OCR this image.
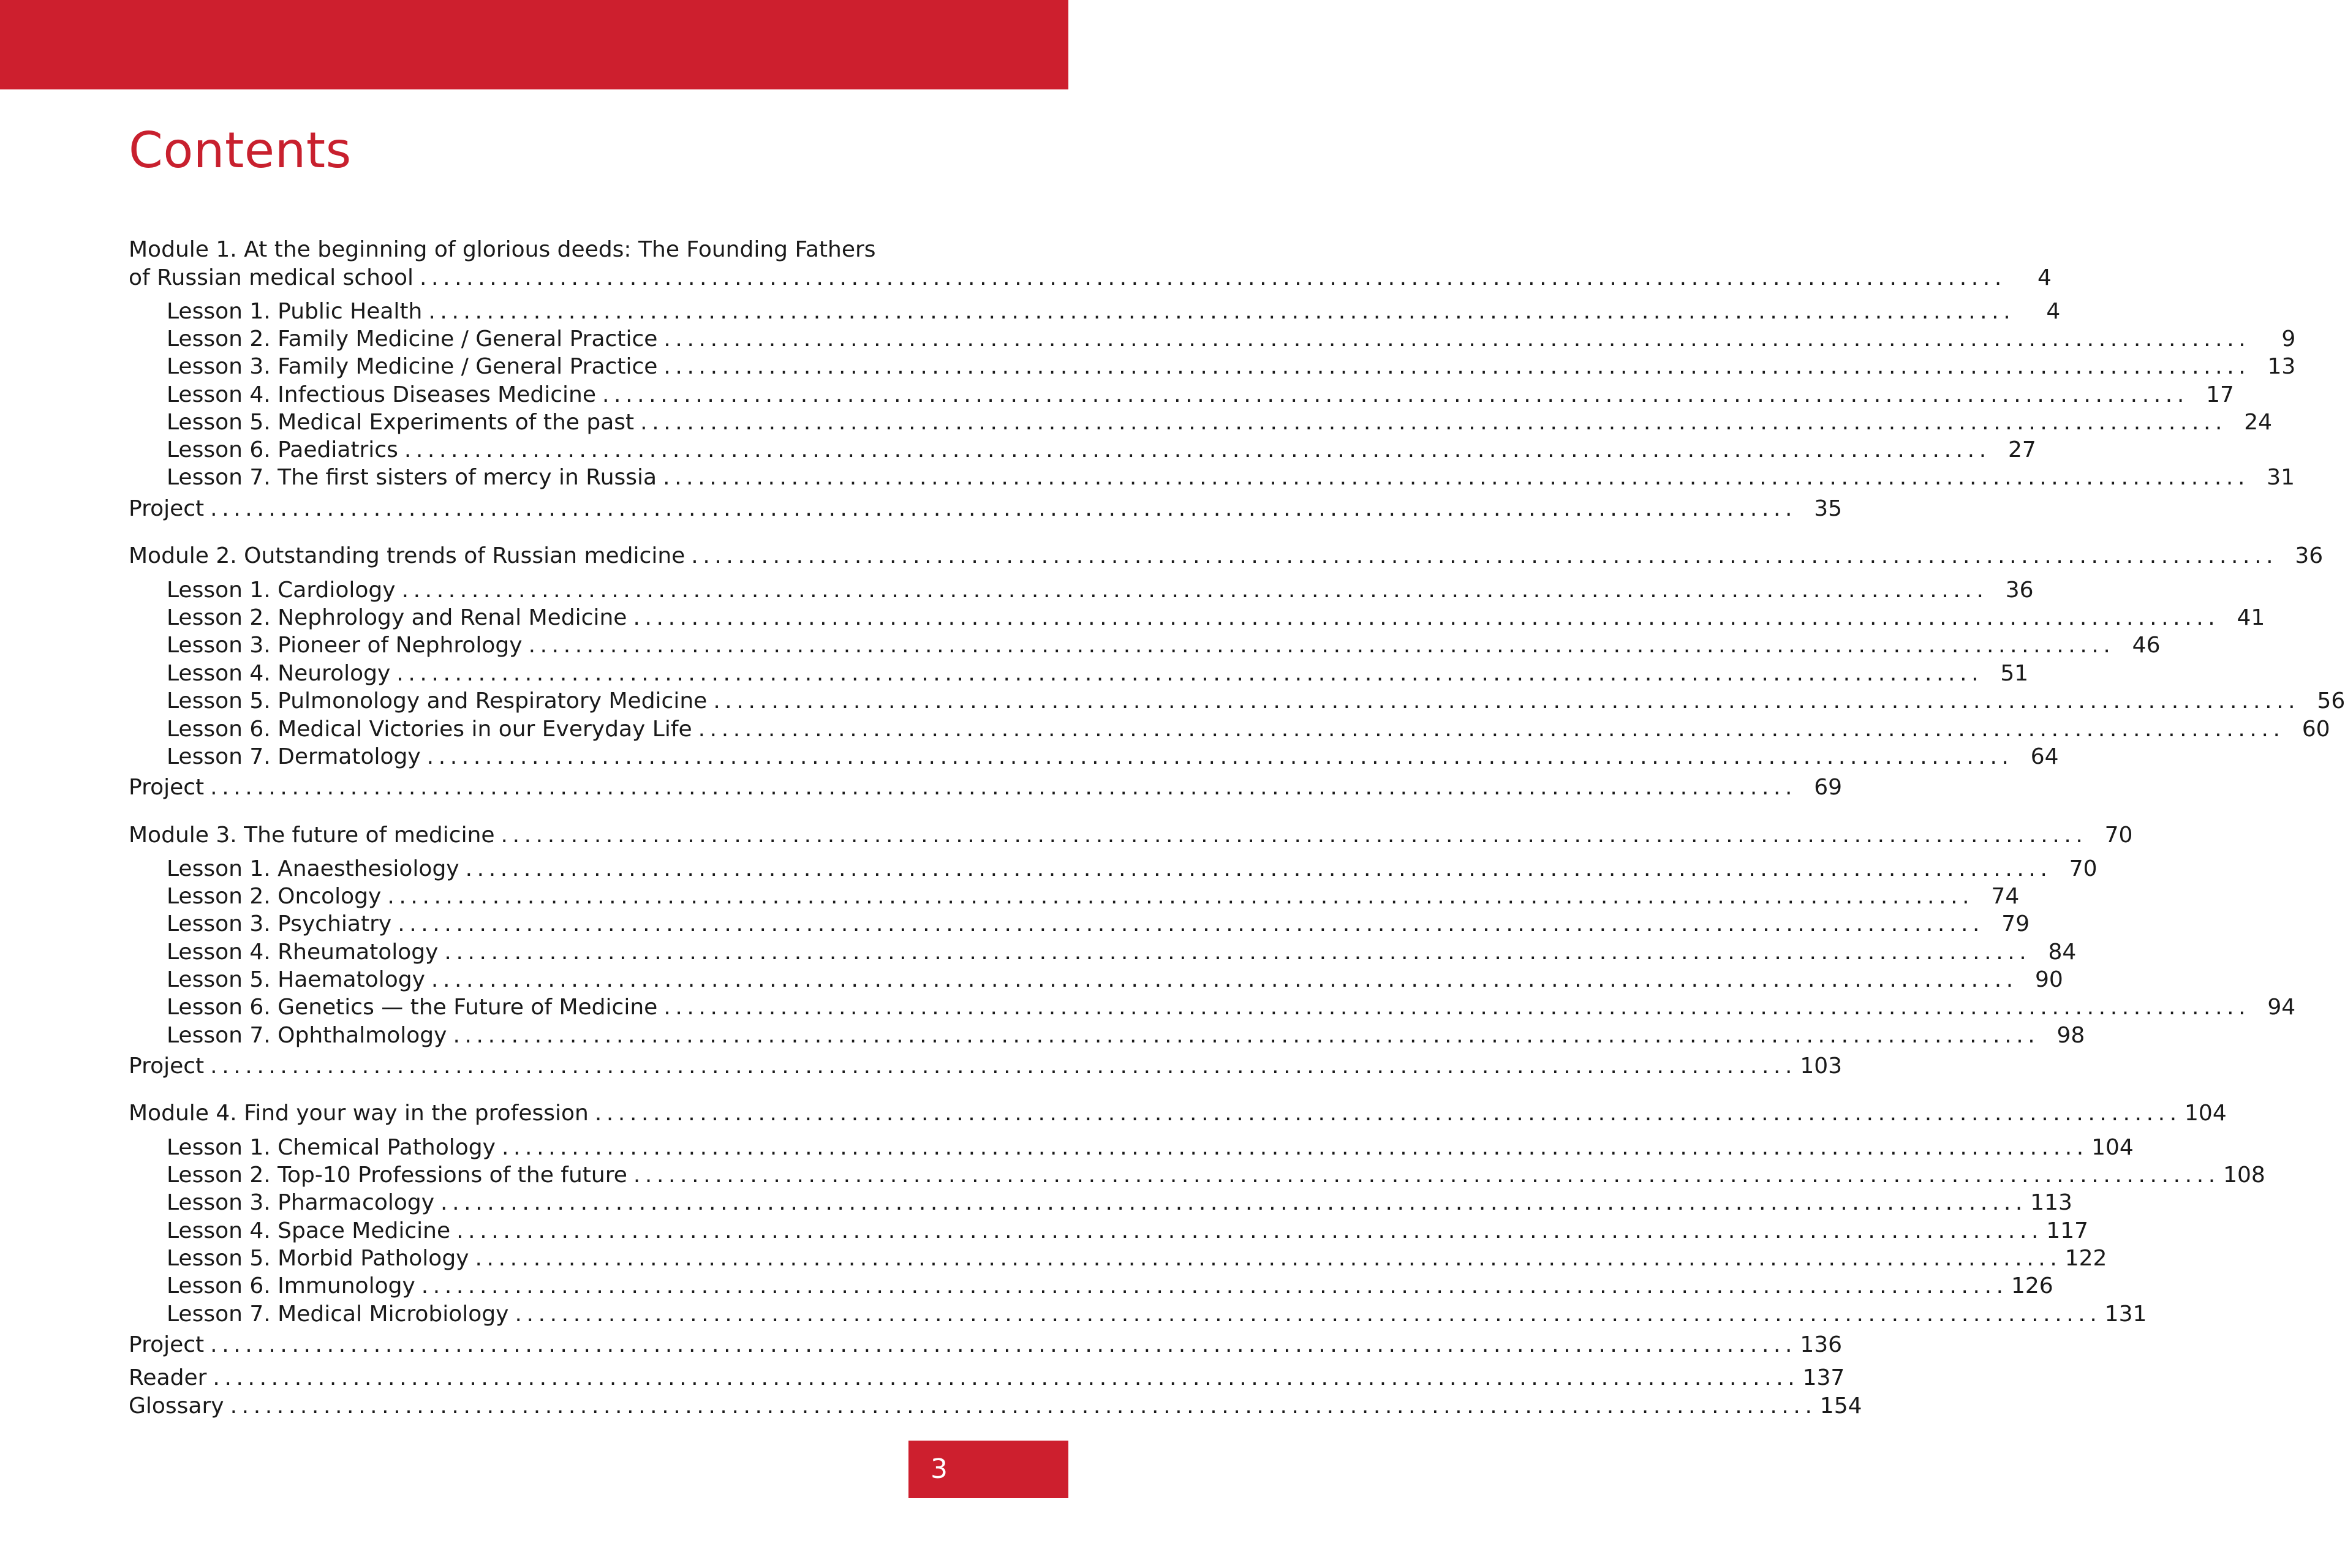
Contents
Module 1. At the beginning of glorious deeds: The Founding Fathers
of Russian medical school ........................................................................................................................................	4
Lesson 1. Public Health ........................................................................................................................................	4
Lesson 2. Family Medicine / General Practice ........................................................................................................................................	9
Lesson 3. Family Medicine / General Practice ........................................................................................................................................ 13
Lesson 4. Infectious Diseases Medicine ........................................................................................................................................ 17
Lesson 5. Medical Experiments of the past ........................................................................................................................................ 24
Lesson 6. Paediatrics ........................................................................................................................................ 27
Lesson 7. The first sisters of mercy in Russia ........................................................................................................................................ 31
Project ........................................................................................................................................ 35
Module 2. Outstanding trends of Russian medicine ........................................................................................................................................ 36
Lesson 1. Cardiology ........................................................................................................................................ 36
Lesson 2. Nephrology and Renal Medicine ........................................................................................................................................ 41
Lesson 3. Pioneer of Nephrology ........................................................................................................................................ 46
Lesson 4. Neurology ........................................................................................................................................ 51
Lesson 5. Pulmonology and Respiratory Medicine ........................................................................................................................................ 56
Lesson 6. Medical Victories in our Everyday Life ........................................................................................................................................ 60
Lesson 7. Dermatology ........................................................................................................................................ 64
Project ........................................................................................................................................ 69
Module 3. The future of medicine ........................................................................................................................................ 70
Lesson 1. Anaesthesiology ........................................................................................................................................ 70
Lesson 2. Oncology ........................................................................................................................................ 74
Lesson 3. Psychiatry ........................................................................................................................................ 79
Lesson 4. Rheumatology ........................................................................................................................................ 84
Lesson 5. Haematology ........................................................................................................................................ 90
Lesson 6. Genetics — the Future of Medicine ........................................................................................................................................ 94
Lesson 7. Ophthalmology ........................................................................................................................................ 98
Project ........................................................................................................................................ 103
Module 4. Find your way in the profession ........................................................................................................................................ 104
Lesson 1. Chemical Pathology ........................................................................................................................................ 104
Lesson 2. Top-10 Professions of the future ........................................................................................................................................ 108
Lesson 3. Pharmacology ........................................................................................................................................ 113
Lesson 4. Space Medicine ........................................................................................................................................ 117
Lesson 5. Morbid Pathology ........................................................................................................................................ 122
Lesson 6. Immunology ........................................................................................................................................ 126
Lesson 7. Medical Microbiology ........................................................................................................................................ 131
Project ........................................................................................................................................ 136
Reader ........................................................................................................................................ 137
Glossary ........................................................................................................................................ 154
3
